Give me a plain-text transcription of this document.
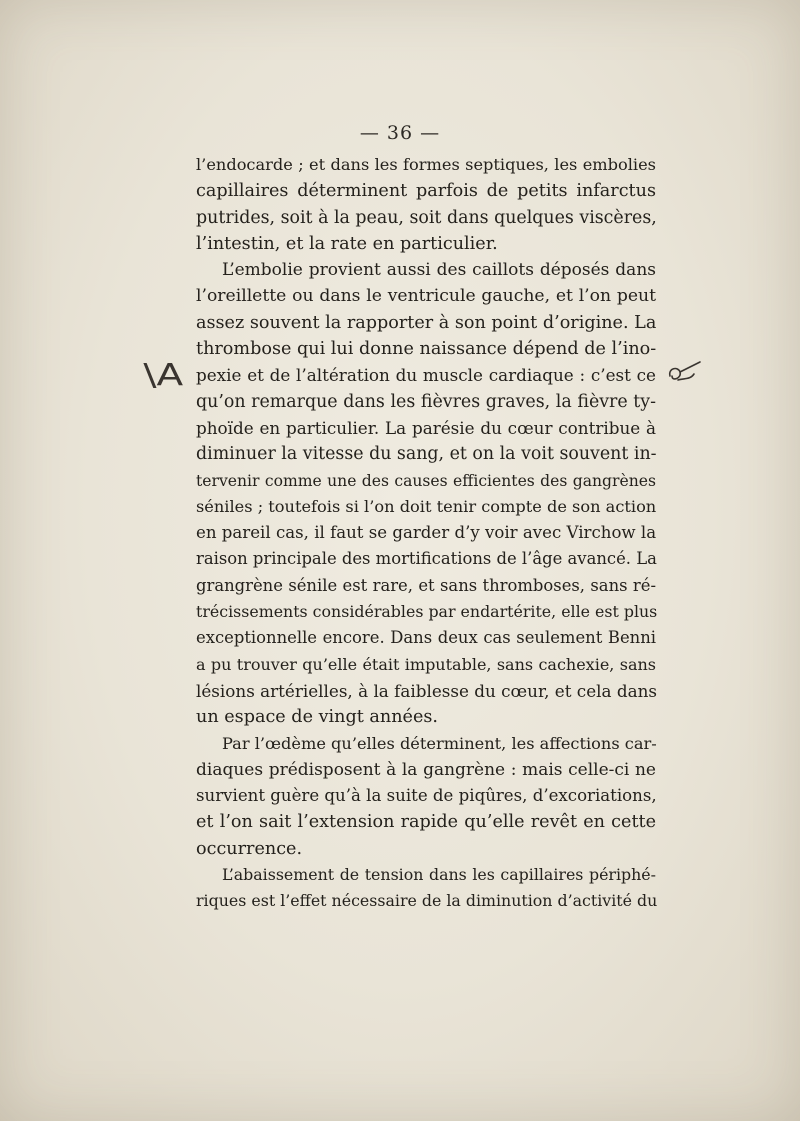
— 36 —
\A
l’endocarde ; et dans les formes septiques, les embolies
capillaires déterminent parfois de petits infarctus
putrides, soit à la peau, soit dans quelques viscères,
l’intestin, et la rate en particulier.
L’embolie provient aussi des caillots déposés dans
l’oreillette ou dans le ventricule gauche, et l’on peut
assez souvent la rapporter à son point d’origine. La
thrombose qui lui donne naissance dépend de l’ino-
pexie et de l’altération du muscle cardiaque : c’est ce
qu’on remarque dans les fièvres graves, la fièvre ty-
phoïde en particulier. La parésie du cœur contribue à
diminuer la vitesse du sang, et on la voit souvent in-
tervenir comme une des causes efficientes des gangrènes
séniles ; toutefois si l’on doit tenir compte de son action
en pareil cas, il faut se garder d’y voir avec Virchow la
raison principale des mortifications de l’âge avancé. La
grangrène sénile est rare, et sans thromboses, sans ré-
trécissements considérables par endartérite, elle est plus
exceptionnelle encore. Dans deux cas seulement Benni
a pu trouver qu’elle était imputable, sans cachexie, sans
lésions artérielles, à la faiblesse du cœur, et cela dans
un espace de vingt années.
Par l’œdème qu’elles déterminent, les affections car-
diaques prédisposent à la gangrène : mais celle-ci ne
survient guère qu’à la suite de piqûres, d’excoriations,
et l’on sait l’extension rapide qu’elle revêt en cette
occurrence.
L’abaissement de tension dans les capillaires périphé-
riques est l’effet nécessaire de la diminution d’activité du
